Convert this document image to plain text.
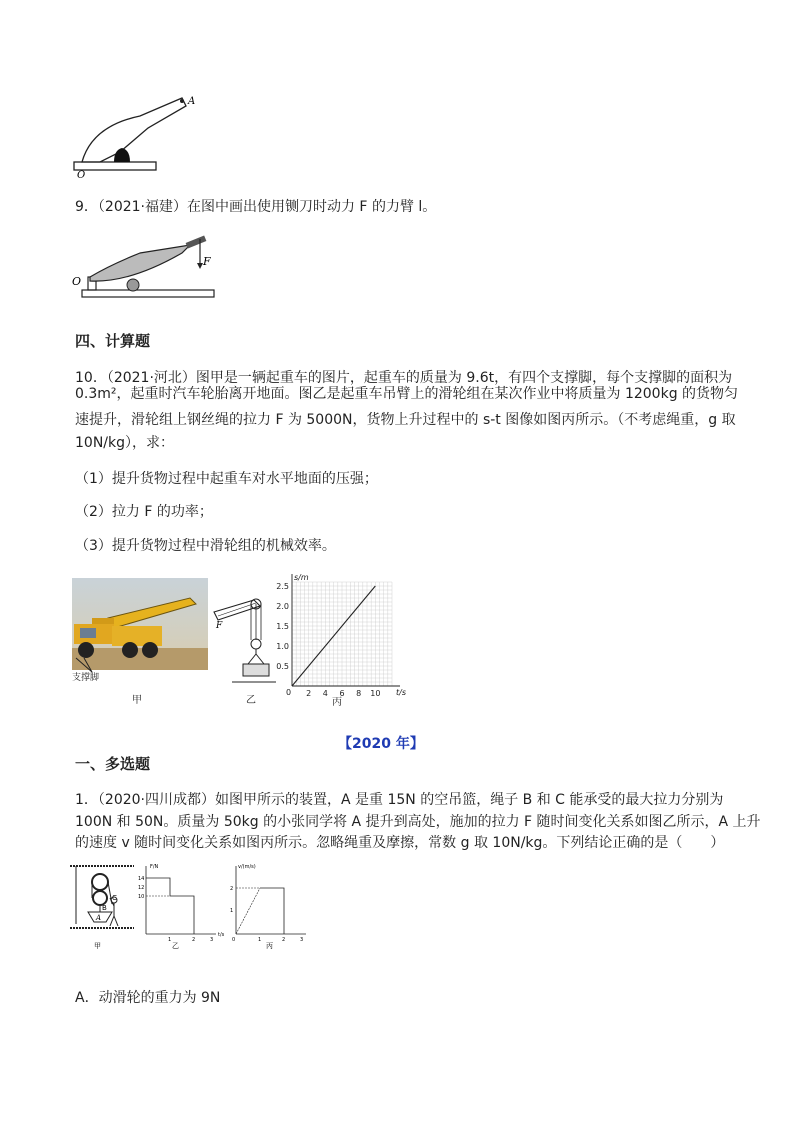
A
O
9．（2021·福建）在图中画出使用铡刀时动力 F 的力臂 l。
F
O
四、计算题
10．（2021·河北）图甲是一辆起重车的图片，起重车的质量为 9.6t，有四个支撑脚，每个支撑脚的面积为
0.3m²，起重时汽车轮胎离开地面。图乙是起重车吊臂上的滑轮组在某次作业中将质量为 1200kg 的货物匀
速提升，滑轮组上钢丝绳的拉力 F 为 5000N，货物上升过程中的 s-t 图像如图丙所示。（不考虑绳重，g 取
10N/kg），求：
（1）提升货物过程中起重车对水平地面的压强；
（2）拉力 F 的功率；
（3）提升货物过程中滑轮组的机械效率。
支撑脚
甲
F
乙
0.5
1.0
1.5
2.0
2.5
2 4 6 8 10
0	t/s
s/m
丙
【2020 年】
一、多选题
1．（2020·四川成都）如图甲所示的装置，A 是重 15N 的空吊篮，绳子 B 和 C 能承受的最大拉力分别为
100N 和 50N。质量为 50kg 的小张同学将 A 提升到高处，施加的拉力 F 随时间变化关系如图乙所示，A 上升
的速度 v 随时间变化关系如图丙所示。忽略绳重及摩擦，常数 g 取 10N/kg。下列结论正确的是（　　）
A
B
C
甲
F/N
14
12
10
1	2	3
t/s
乙
v/(m/s)
2
1
0	1	2	3
丙
A．动滑轮的重力为 9N
